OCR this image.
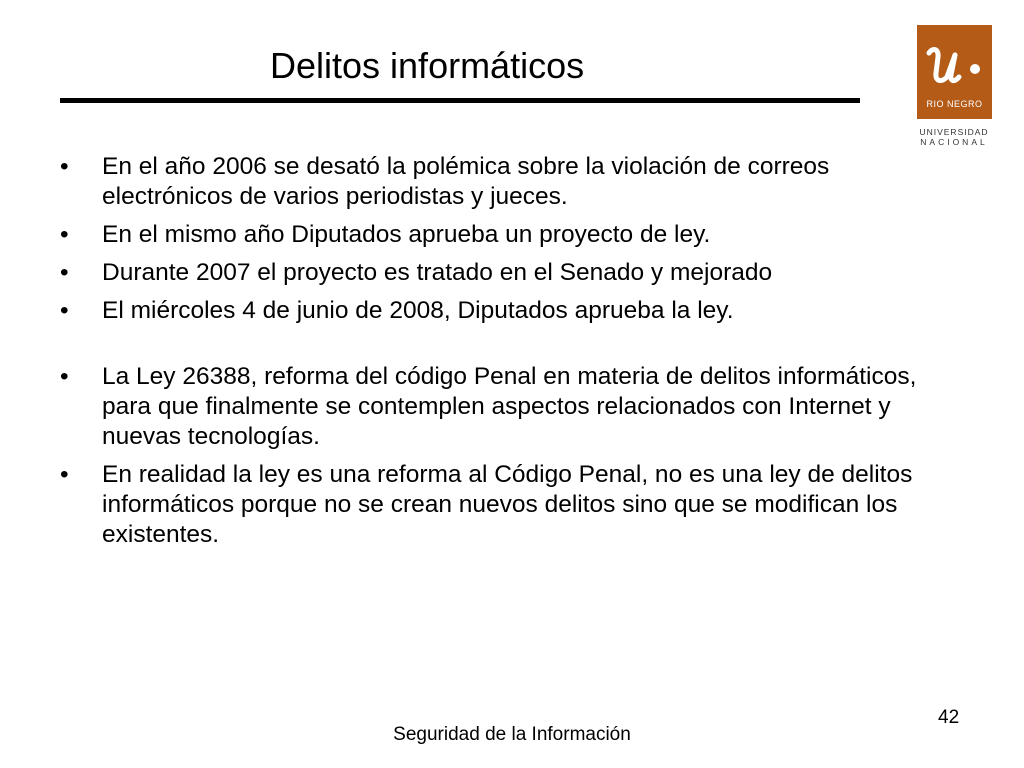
Delitos informáticos
RIO NEGRO
UNIVERSIDAD
NACIONAL
• En el año 2006 se desató la polémica sobre la violación de correos electrónicos de varios periodistas y jueces.
• En el mismo año Diputados aprueba un proyecto de ley.
• Durante 2007 el proyecto es tratado en el Senado y mejorado
• El miércoles 4 de junio de 2008, Diputados aprueba la ley.
• La Ley 26388, reforma del código Penal en materia de delitos informáticos, para que finalmente se contemplen aspectos relacionados con Internet y nuevas tecnologías.
• En realidad la ley es una reforma al Código Penal, no es una ley de delitos informáticos porque no se crean nuevos delitos sino que se modifican los existentes.
42
Seguridad de la Información
